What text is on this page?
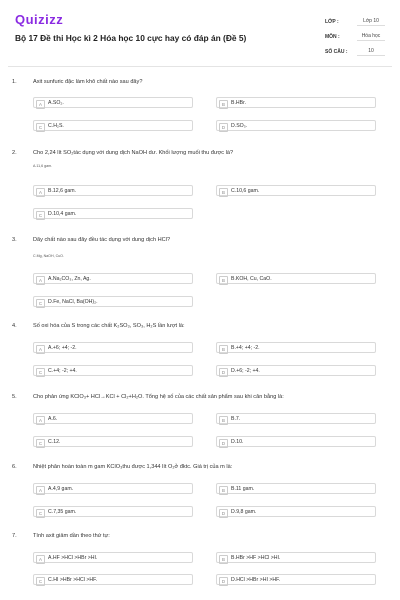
Quizizz
Bộ 17 Đề thi Học kì 2 Hóa học 10 cực hay có đáp án (Đề 5)
LỚP :	Lớp 10
MÔN :	Hóa học
SỐ CÂU :	10
1.	Axit sunfuric đặc làm khô chất nào sau đây?
A	A.SO₂.	B	B.HBr.
C	C.H₂S.	D	D.SO₃.
2.	Cho 2,24 lít SO₂tác dụng với dung dịch NaOH dư. Khối lượng muối thu được là?
A.11,6 gam.
A	B.12,6 gam.	B	C.10,6 gam.
C	D.10,4 gam.
3.	Dãy chất nào sau đây đều tác dụng với dung dịch HCl?
C.Mg, NaOH, CuO.
A	A.Na₂CO₃, Zn, Ag.	B	B.KOH, Cu, CaO.
C	D.Fe, NaCl, Ba(OH)₂.
4.	Số oxi hóa của S trong các chất K₂SO₃, SO₃, H₂S lần lượt là:
A	A.+6; +4; -2.	B	B.+4; +4; -2.
C	C.+4; -2; +4.	D	D.+6; -2; +4.
5.	Cho phản ứng KClO₃+ HCl→KCl + Cl₂+H₂O. Tổng hệ số của các chất sản phẩm sau khi cân bằng là:
A	A.6.	B	B.7.
C	C.12.	D	D.10.
6.	Nhiệt phân hoàn toàn m gam KClO₃thu được 1,344 lít O₂ở đktc. Giá trị của m là:
A	A.4,9 gam.	B	B.11 gam.
C	C.7,35 gam.	D	D.9,8 gam.
7.	Tính axit giảm dần theo thứ tự:
A	A.HF >HCl >HBr >HI.	B	B.HBr >HF >HCl >HI.
C	C.HI >HBr >HCl >HF.	D	D.HCl >HBr >HI >HF.
